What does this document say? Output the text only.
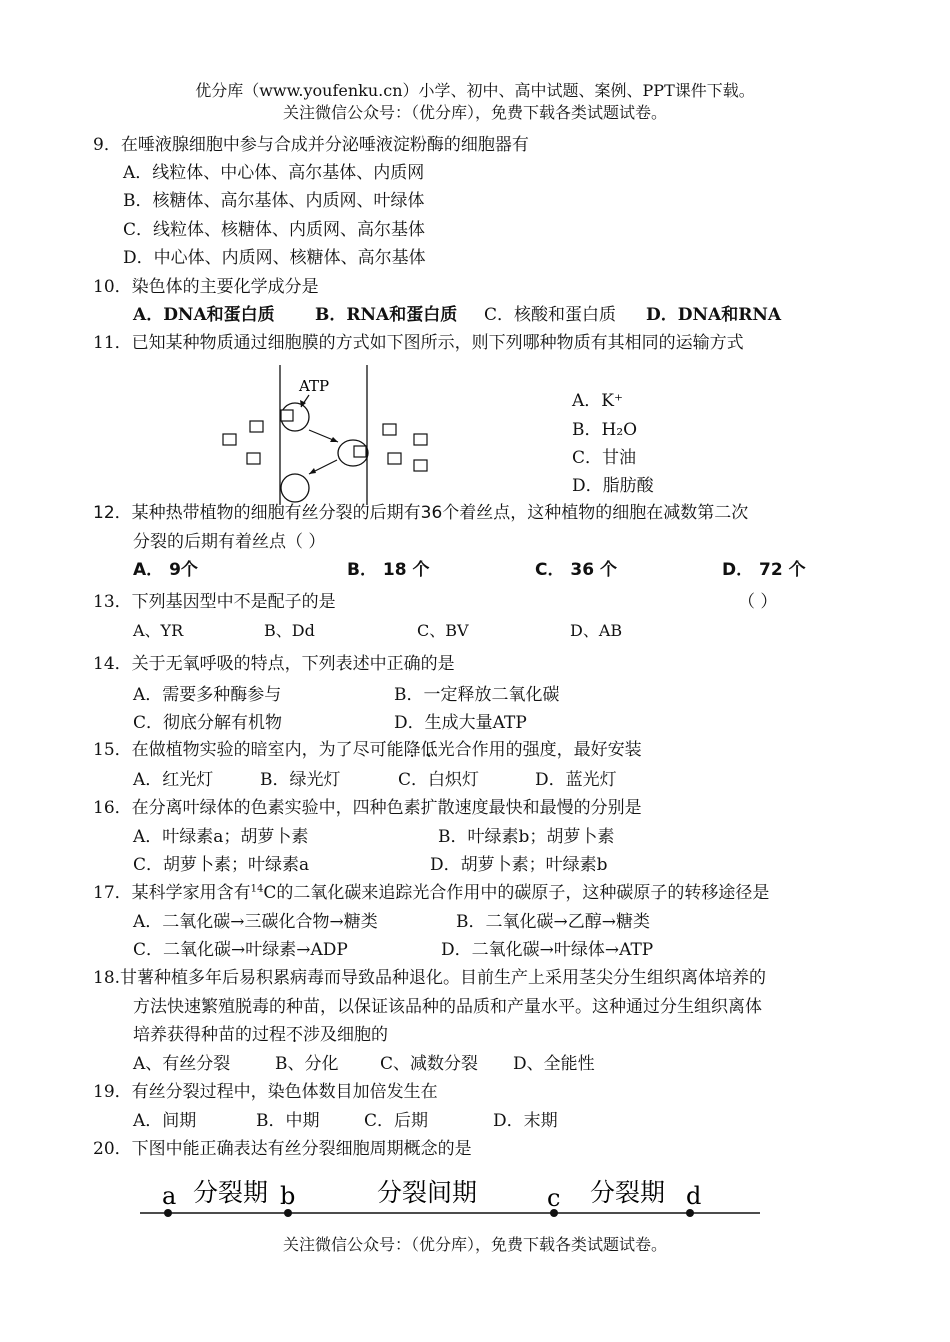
优分库（www.youfenku.cn）小学、初中、高中试题、案例、PPT课件下载。
关注微信公众号：（优分库），免费下载各类试题试卷。
9．在唾液腺细胞中参与合成并分泌唾液淀粉酶的细胞器有
A．线粒体、中心体、高尔基体、内质网
B．核糖体、高尔基体、内质网、叶绿体
C．线粒体、核糖体、内质网、高尔基体
D．中心体、内质网、核糖体、高尔基体
10．染色体的主要化学成分是
A．DNA和蛋白质 B．RNA和蛋白质 C．核酸和蛋白质 D．DNA和RNA
11．已知某种物质通过细胞膜的方式如下图所示，则下列哪种物质有其相同的运输方式
ATP
A．K⁺
B．H₂O
C．甘油
D．脂肪酸
12．某种热带植物的细胞有丝分裂的后期有36个着丝点，这种植物的细胞在减数第二次
分裂的后期有着丝点（ ）
A． 9个	B． 18 个	C． 36 个	D． 72 个
13．下列基因型中不是配子的是	（ ）
A、YR	B、Dd	C、BV	D、AB
14．关于无氧呼吸的特点，下列表述中正确的是
A．需要多种酶参与	B．一定释放二氧化碳
C．彻底分解有机物	D．生成大量ATP
15．在做植物实验的暗室内，为了尽可能降低光合作用的强度，最好安装
A．红光灯	B．绿光灯	C．白炽灯	D．蓝光灯
16．在分离叶绿体的色素实验中，四种色素扩散速度最快和最慢的分别是
A．叶绿素a；胡萝卜素	B．叶绿素b；胡萝卜素
C．胡萝卜素；叶绿素a	D．胡萝卜素；叶绿素b
17．某科学家用含有$^{14}$C的二氧化碳来追踪光合作用中的碳原子，这种碳原子的转移途径是
A．二氧化碳→三碳化合物→糖类	B．二氧化碳→乙醇→糖类
C．二氧化碳→叶绿素→ADP	D．二氧化碳→叶绿体→ATP
18.甘薯种植多年后易积累病毒而导致品种退化。目前生产上采用茎尖分生组织离体培养的
方法快速繁殖脱毒的种苗，以保证该品种的品质和产量水平。这种通过分生组织离体
培养获得种苗的过程不涉及细胞的
A、有丝分裂	B、分化 C、减数分裂 D、全能性
19．有丝分裂过程中，染色体数目加倍发生在
A．间期	B．中期	C．后期	D．末期
20．下图中能正确表达有丝分裂细胞周期概念的是
a	b	c	d
分裂期	分裂间期	分裂期
关注微信公众号：（优分库），免费下载各类试题试卷。
